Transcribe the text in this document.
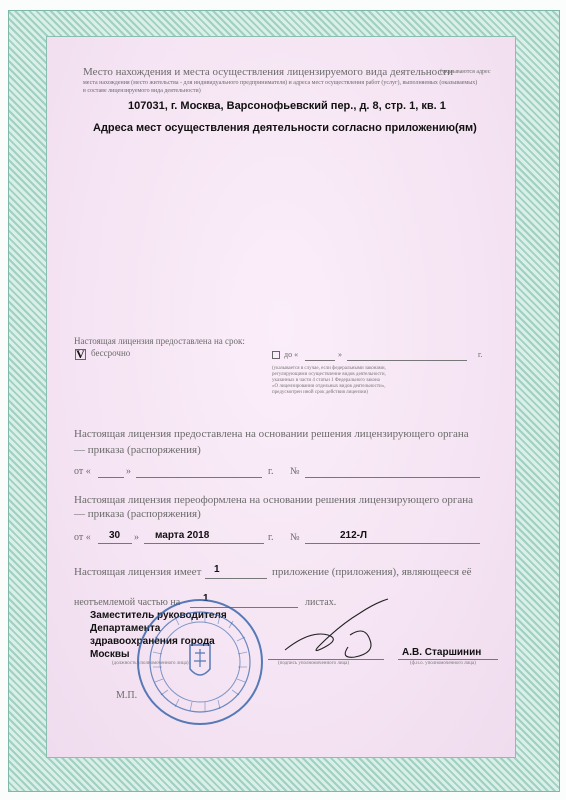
Место нахождения и места осуществления лицензируемого вида деятельности
(указываются адрес
места нахождения (место жительства - для индивидуального предпринимателя) и адреса мест осуществления работ (услуг), выполняемых (оказываемых)
в составе лицензируемого вида деятельности)
107031, г. Москва, Варсонофьевский пер., д. 8, стр. 1, кв. 1
Адреса мест осуществления деятельности согласно приложению(ям)
Настоящая лицензия предоставлена на срок:
V бессрочно	до «	»	г.
(указывается в случае, если федеральными законами,
регулирующими осуществление видов деятельности,
указанных в части 4 статьи 1 Федерального закона
«О лицензировании отдельных видов деятельности»,
предусмотрен иной срок действия лицензии)
Настоящая лицензия предоставлена на основании решения лицензирующего органа
— приказа (распоряжения)
от «	»	г. №
Настоящая лицензия переоформлена на основании решения лицензирующего органа
— приказа (распоряжения)
от « 30 » марта 2018	г. №	212-Л
Настоящая лицензия имеет 1	приложение (приложения), являющееся её
неотъемлемой частью на 1	листах.
Заместитель руководителя
Департамента
здравоохранения города
Москвы
(должность уполномоченного лица)	(подпись уполномоченного лица)
А.В. Старшинин
(ф.и.о. уполномоченного лица)
М.П.
